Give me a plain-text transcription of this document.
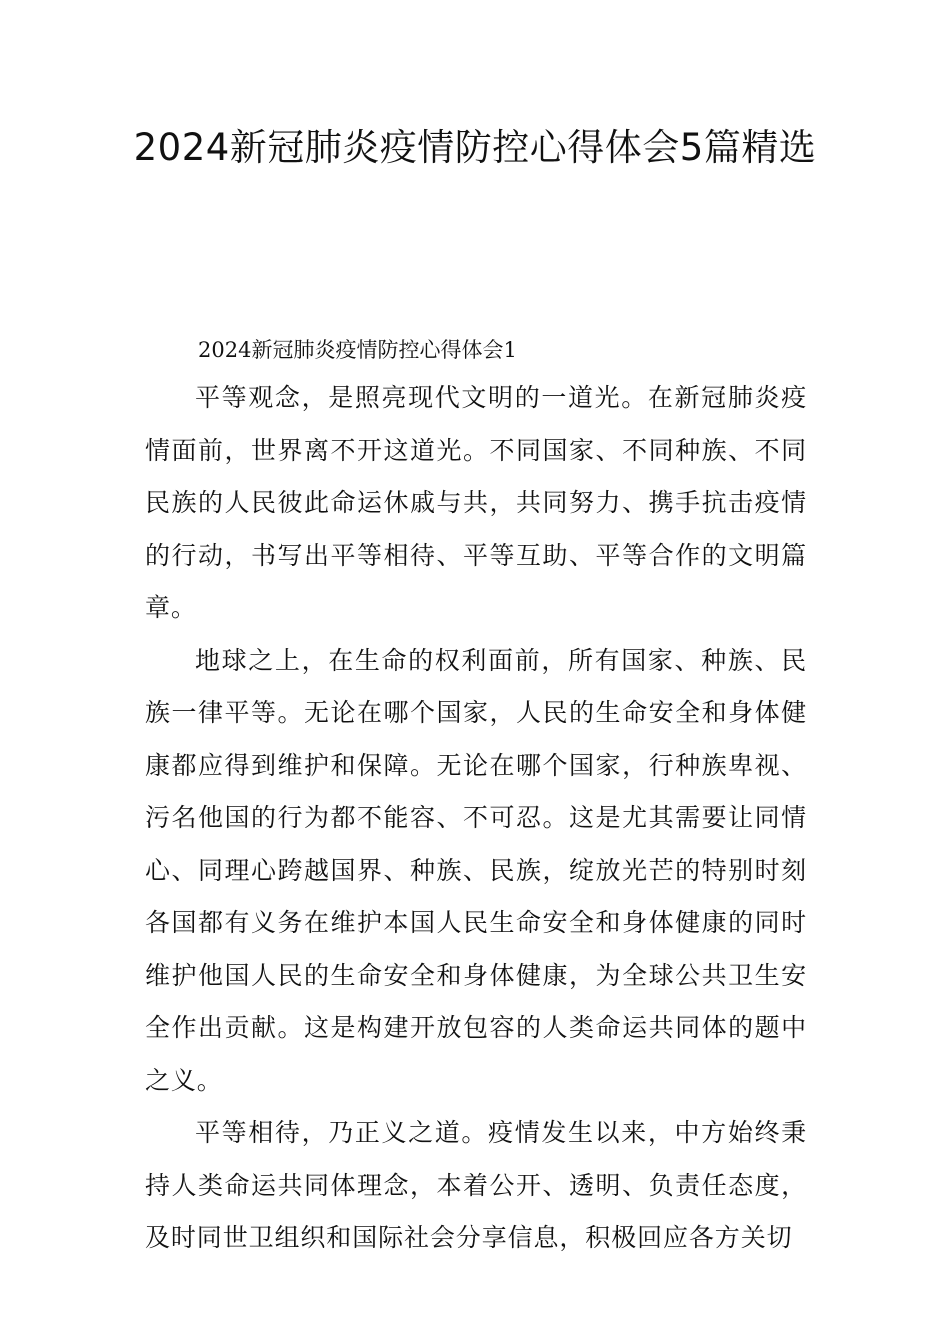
2024新冠肺炎疫情防控心得体会5篇精选

2024新冠肺炎疫情防控心得体会1

平等观念，是照亮现代文明的一道光。在新冠肺炎疫情面前，世界离不开这道光。不同国家、不同种族、不同民族的人民彼此命运休戚与共，共同努力、携手抗击疫情的行动，书写出平等相待、平等互助、平等合作的文明篇章。

地球之上，在生命的权利面前，所有国家、种族、民族一律平等。无论在哪个国家，人民的生命安全和身体健康都应得到维护和保障。无论在哪个国家，行种族卑视、污名他国的行为都不能容、不可忍。这是尤其需要让同情心、同理心跨越国界、种族、民族，绽放光芒的特别时刻各国都有义务在维护本国人民生命安全和身体健康的同时维护他国人民的生命安全和身体健康，为全球公共卫生安全作出贡献。这是构建开放包容的人类命运共同体的题中之义。

平等相待，乃正义之道。疫情发生以来，中方始终秉持人类命运共同体理念，本着公开、透明、负责任态度，及时同世卫组织和国际社会分享信息，积极回应各方关切
